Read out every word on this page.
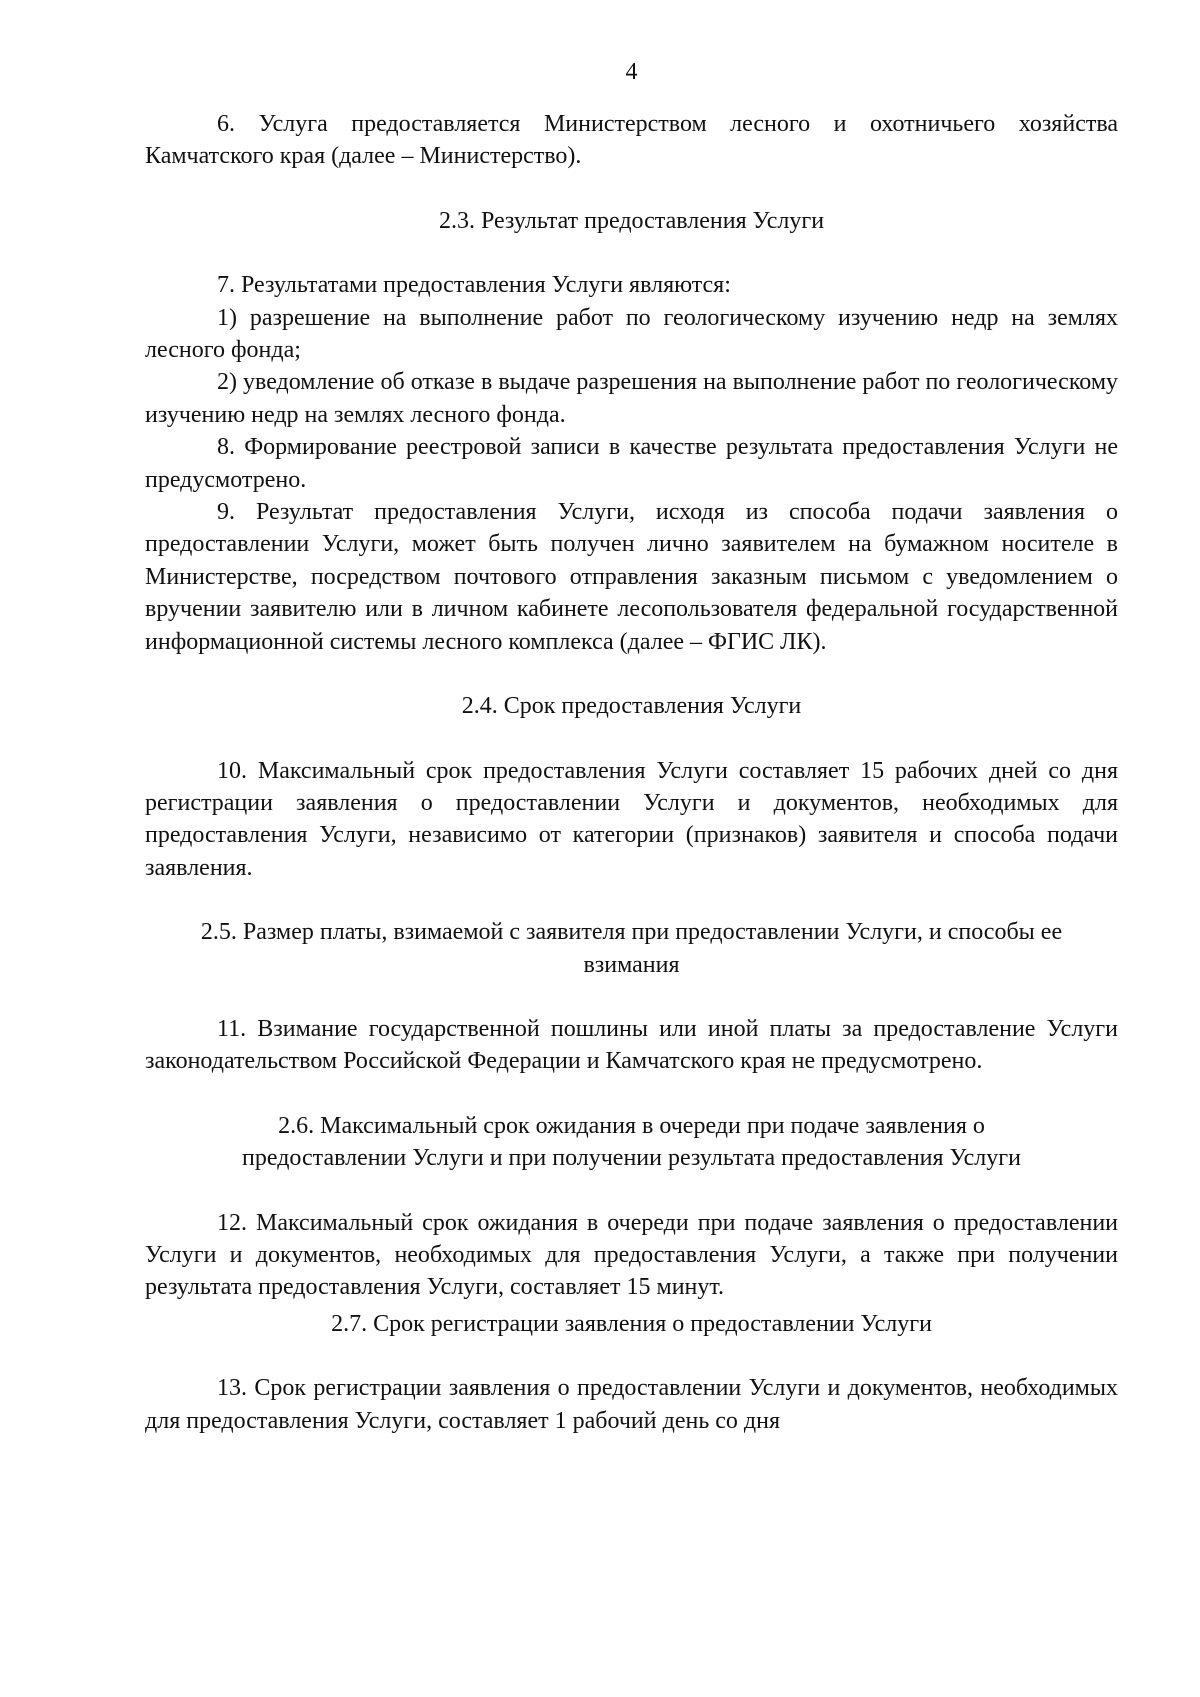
4

6. Услуга предоставляется Министерством лесного и охотничьего хозяйства Камчатского края (далее – Министерство).

2.3. Результат предоставления Услуги

7. Результатами предоставления Услуги являются:

1) разрешение на выполнение работ по геологическому изучению недр на землях лесного фонда;

2) уведомление об отказе в выдаче разрешения на выполнение работ по геологическому изучению недр на землях лесного фонда.

8. Формирование реестровой записи в качестве результата предоставления Услуги не предусмотрено.

9. Результат предоставления Услуги, исходя из способа подачи заявления о предоставлении Услуги, может быть получен лично заявителем на бумажном носителе в Министерстве, посредством почтового отправления заказным письмом с уведомлением о вручении заявителю или в личном кабинете лесопользователя федеральной государственной информационной системы лесного комплекса (далее – ФГИС ЛК).

2.4. Срок предоставления Услуги

10. Максимальный срок предоставления Услуги составляет 15 рабочих дней со дня регистрации заявления о предоставлении Услуги и документов, необходимых для предоставления Услуги, независимо от категории (признаков) заявителя и способа подачи заявления.

2.5. Размер платы, взимаемой с заявителя при предоставлении Услуги, и способы ее взимания

11. Взимание государственной пошлины или иной платы за предоставление Услуги законодательством Российской Федерации и Камчатского края не предусмотрено.

2.6. Максимальный срок ожидания в очереди при подаче заявления о предоставлении Услуги и при получении результата предоставления Услуги

12. Максимальный срок ожидания в очереди при подаче заявления о предоставлении Услуги и документов, необходимых для предоставления Услуги, а также при получении результата предоставления Услуги, составляет 15 минут.

2.7. Срок регистрации заявления о предоставлении Услуги

13. Срок регистрации заявления о предоставлении Услуги и документов, необходимых для предоставления Услуги, составляет 1 рабочий день со дня
